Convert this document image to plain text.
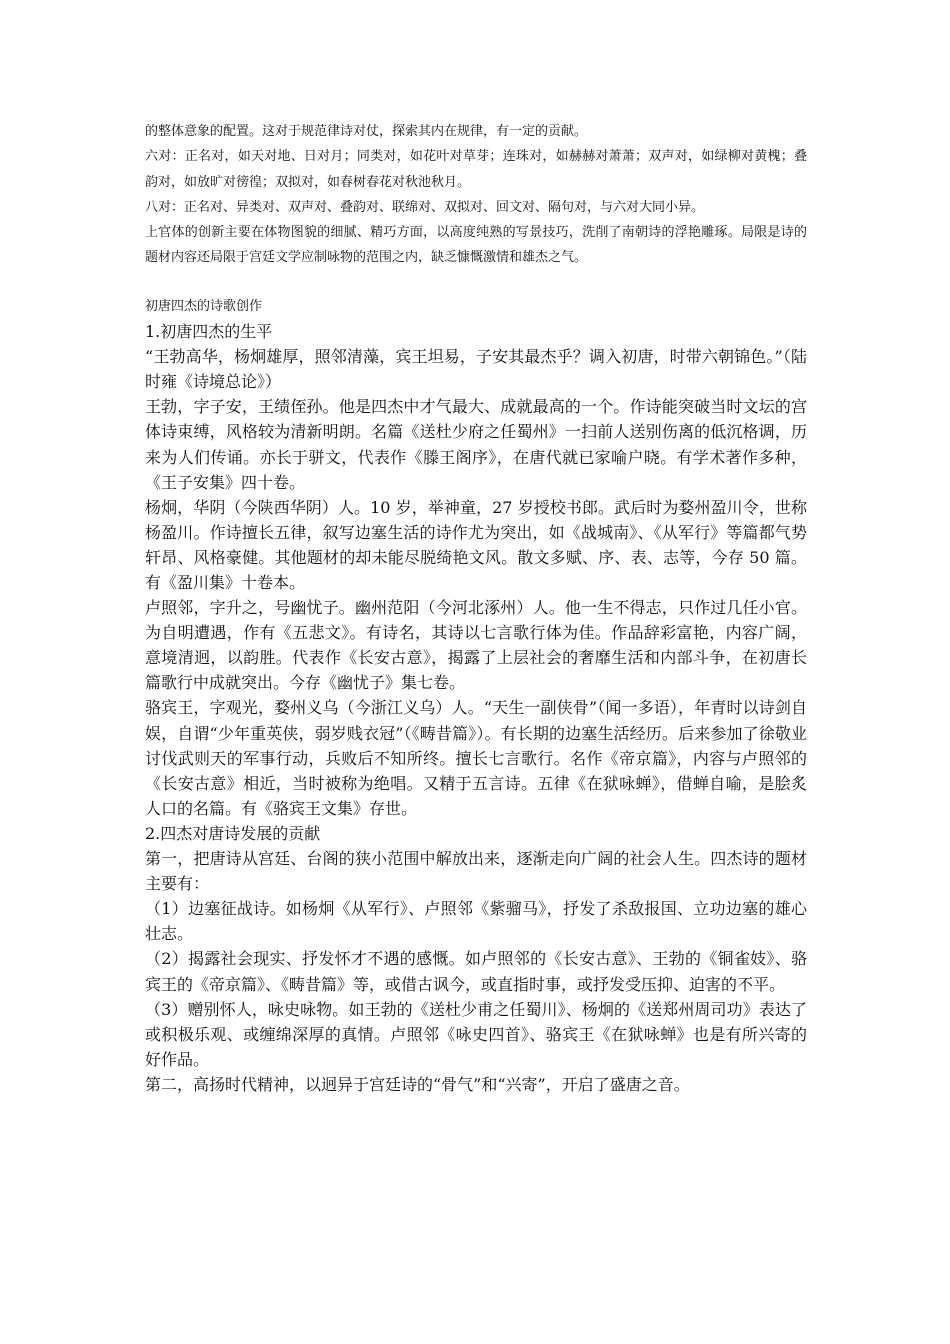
的整体意象的配置。这对于规范律诗对仗，探索其内在规律，有一定的贡献。

六对：正名对，如天对地、日对月；同类对，如花叶对草芽；连珠对，如赫赫对萧萧；双声对，如绿柳对黄槐；叠韵对，如放旷对徬徨；双拟对，如春树春花对秋池秋月。

八对：正名对、异类对、双声对、叠韵对、联绵对、双拟对、回文对、隔句对，与六对大同小异。

上官体的创新主要在体物图貌的细腻、精巧方面，以高度纯熟的写景技巧，洗削了南朝诗的浮艳雕琢。局限是诗的题材内容还局限于宫廷文学应制咏物的范围之内，缺乏慷慨激情和雄杰之气。

初唐四杰的诗歌创作

1.初唐四杰的生平

“王勃高华，杨炯雄厚，照邻清藻，宾王坦易，子安其最杰乎？调入初唐，时带六朝锦色。”（陆时雍《诗境总论》）

王勃，字子安，王绩侄孙。他是四杰中才气最大、成就最高的一个。作诗能突破当时文坛的宫体诗束缚，风格较为清新明朗。名篇《送杜少府之任蜀州》一扫前人送别伤离的低沉格调，历来为人们传诵。亦长于骈文，代表作《滕王阁序》，在唐代就已家喻户晓。有学术著作多种，《王子安集》四十卷。

杨炯，华阴（今陕西华阴）人。10 岁，举神童，27 岁授校书郎。武后时为婺州盈川令，世称杨盈川。作诗擅长五律，叙写边塞生活的诗作尤为突出，如《战城南》、《从军行》等篇都气势轩昂、风格豪健。其他题材的却未能尽脱绮艳文风。散文多赋、序、表、志等，今存 50 篇。有《盈川集》十卷本。

卢照邻，字升之，号幽忧子。幽州范阳（今河北涿州）人。他一生不得志，只作过几任小官。为自明遭遇，作有《五悲文》。有诗名，其诗以七言歌行体为佳。作品辞彩富艳，内容广阔，意境清迥，以韵胜。代表作《长安古意》，揭露了上层社会的奢靡生活和内部斗争，在初唐长篇歌行中成就突出。今存《幽忧子》集七卷。

骆宾王，字观光，婺州义乌（今浙江义乌）人。“天生一副侠骨”（闻一多语），年青时以诗剑自娱，自谓“少年重英侠，弱岁贱衣冠”（《畴昔篇》）。有长期的边塞生活经历。后来参加了徐敬业讨伐武则天的军事行动，兵败后不知所终。擅长七言歌行。名作《帝京篇》，内容与卢照邻的《长安古意》相近，当时被称为绝唱。又精于五言诗。五律《在狱咏蝉》，借蝉自喻，是脍炙人口的名篇。有《骆宾王文集》存世。

2.四杰对唐诗发展的贡献

第一，把唐诗从宫廷、台阁的狭小范围中解放出来，逐渐走向广阔的社会人生。四杰诗的题材主要有：

（1）边塞征战诗。如杨炯《从军行》、卢照邻《紫骝马》，抒发了杀敌报国、立功边塞的雄心壮志。

（2）揭露社会现实、抒发怀才不遇的感慨。如卢照邻的《长安古意》、王勃的《铜雀妓》、骆宾王的《帝京篇》、《畴昔篇》等，或借古讽今，或直指时事，或抒发受压抑、迫害的不平。

（3）赠别怀人，咏史咏物。如王勃的《送杜少甫之任蜀川》、杨炯的《送郑州周司功》表达了或积极乐观、或缠绵深厚的真情。卢照邻《咏史四首》、骆宾王《在狱咏蝉》也是有所兴寄的好作品。

第二，高扬时代精神，以迥异于宫廷诗的“骨气”和“兴寄”，开启了盛唐之音。
